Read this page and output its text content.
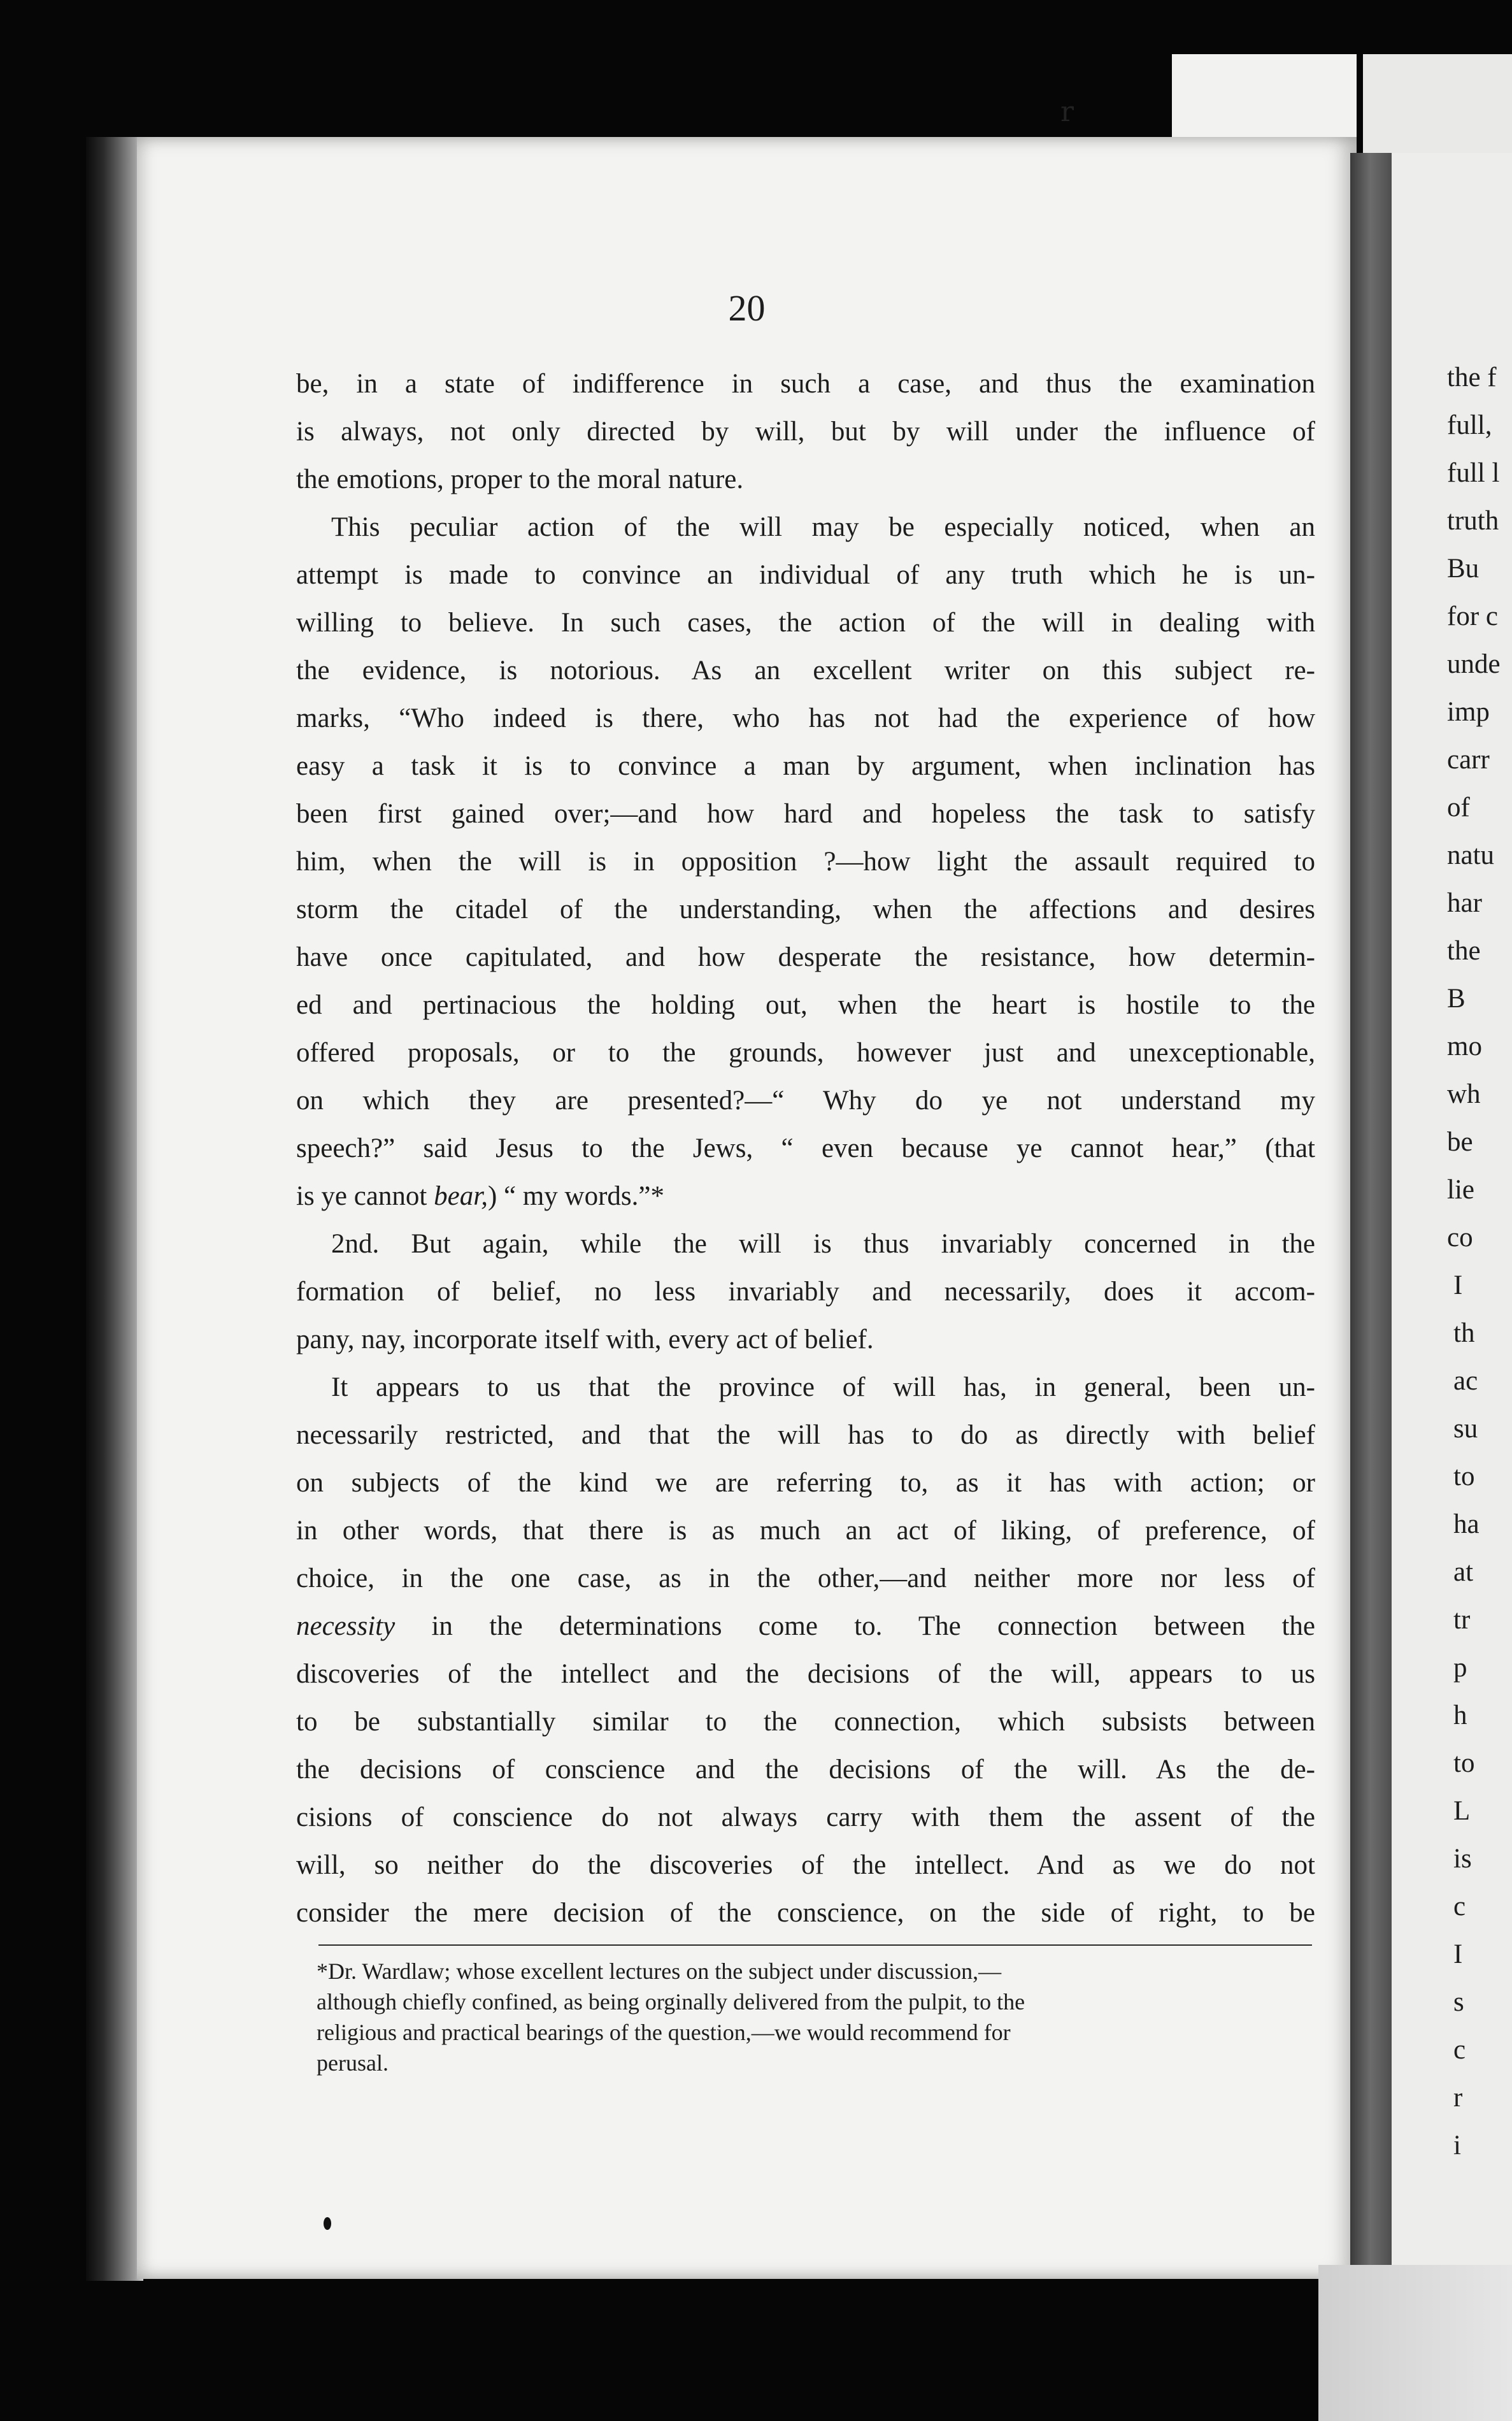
r
20
be, in a state of indifference in such a case, and thus the examination
is always, not only directed by will, but by will under the influence of
the emotions, proper to the moral nature.
This peculiar action of the will may be especially noticed, when an
attempt is made to convince an individual of any truth which he is un-
willing to believe. In such cases, the action of the will in dealing with
the evidence, is notorious. As an excellent writer on this subject re-
marks, “Who indeed is there, who has not had the experience of how
easy a task it is to convince a man by argument, when inclination has
been first gained over;—and how hard and hopeless the task to satisfy
him, when the will is in opposition ?—how light the assault required to
storm the citadel of the understanding, when the affections and desires
have once capitulated, and how desperate the resistance, how determin-
ed and pertinacious the holding out, when the heart is hostile to the
offered proposals, or to the grounds, however just and unexceptionable,
on which they are presented?—“ Why do ye not understand my
speech?” said Jesus to the Jews, “ even because ye cannot hear,” (that
is ye cannot bear,) “ my words.”*
2nd. But again, while the will is thus invariably concerned in the
formation of belief, no less invariably and necessarily, does it accom-
pany, nay, incorporate itself with, every act of belief.
It appears to us that the province of will has, in general, been un-
necessarily restricted, and that the will has to do as directly with belief
on subjects of the kind we are referring to, as it has with action; or
in other words, that there is as much an act of liking, of preference, of
choice, in the one case, as in the other,—and neither more nor less of
necessity in the determinations come to. The connection between the
discoveries of the intellect and the decisions of the will, appears to us
to be substantially similar to the connection, which subsists between
the decisions of conscience and the decisions of the will. As the de-
cisions of conscience do not always carry with them the assent of the
will, so neither do the discoveries of the intellect. And as we do not
consider the mere decision of the conscience, on the side of right, to be
*Dr. Wardlaw; whose excellent lectures on the subject under discussion,—
although chiefly confined, as being orginally delivered from the pulpit, to the
religious and practical bearings of the question,—we would recommend for
perusal.
the f
full,
full l
truth
Bu
for c
unde
imp
carr
of
natu
har
the
B
mo
wh
be
lie
co
I
th
ac
su
to
ha
at
tr
p
h
to
L
is
c
I
s
c
r
i
